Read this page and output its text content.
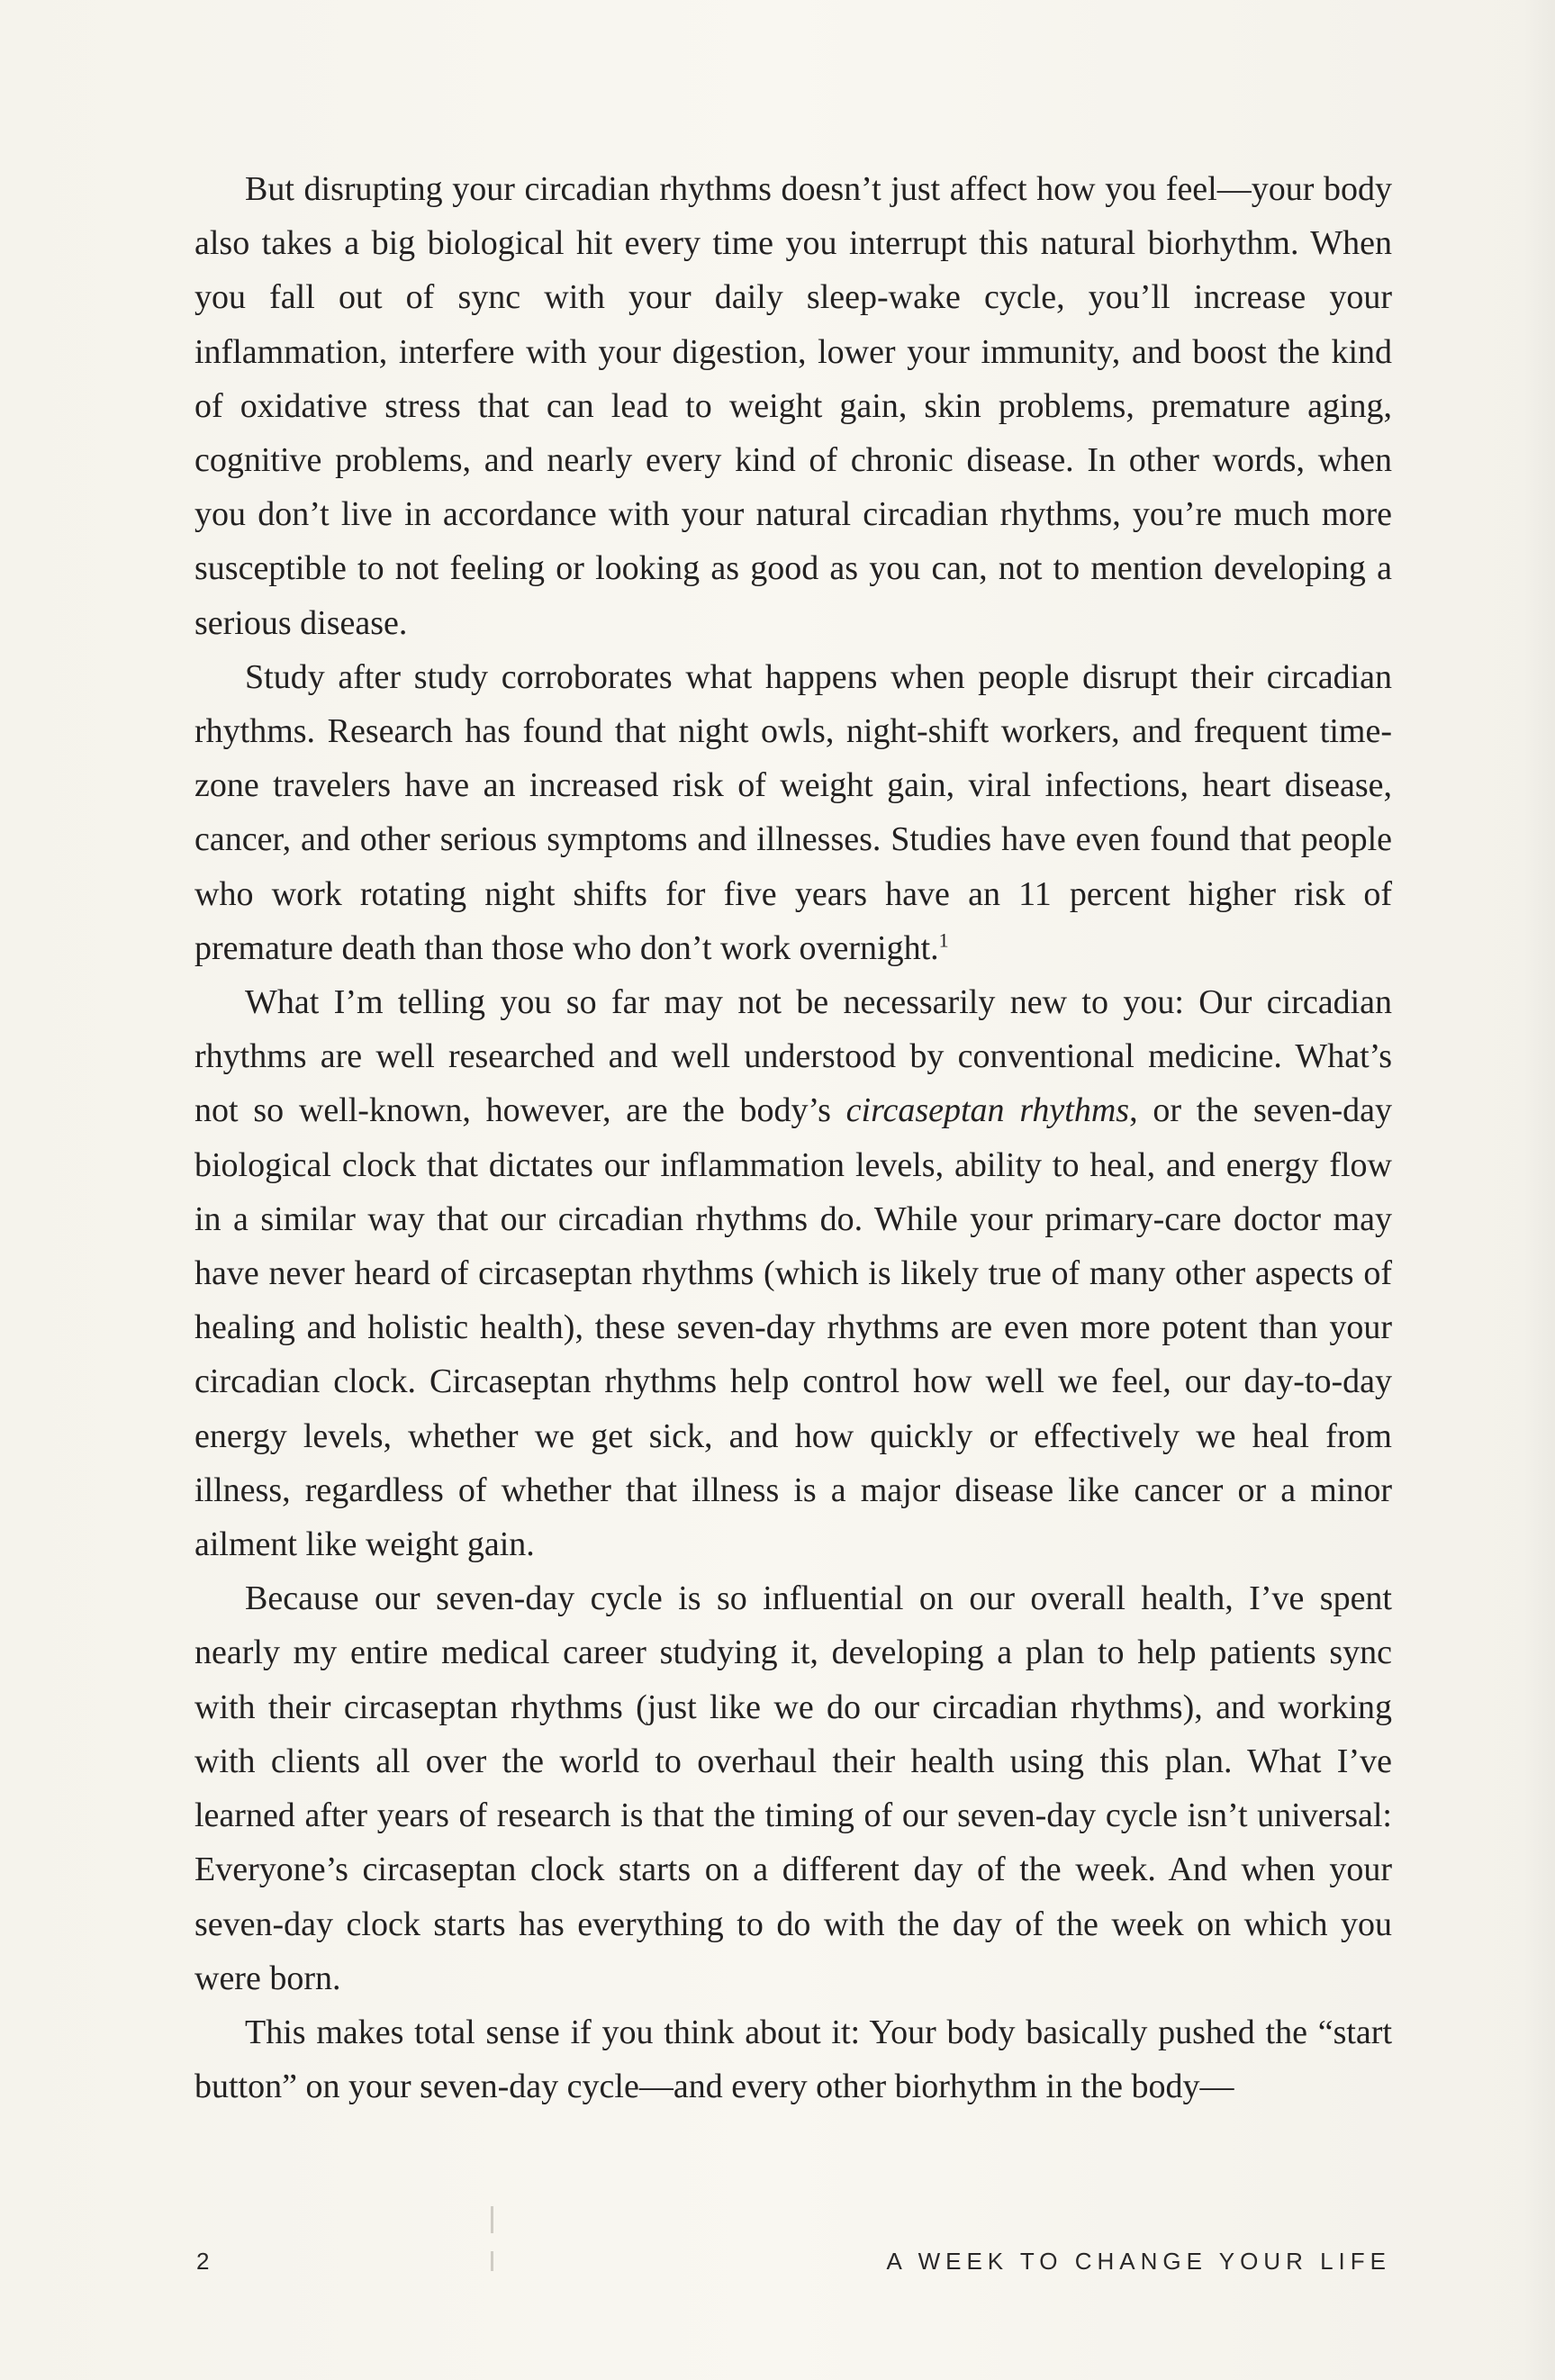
But disrupting your circadian rhythms doesn’t just affect how you feel—your body also takes a big biological hit every time you interrupt this natural biorhythm. When you fall out of sync with your daily sleep-wake cycle, you’ll increase your inflammation, interfere with your digestion, lower your immunity, and boost the kind of oxidative stress that can lead to weight gain, skin problems, premature aging, cognitive problems, and nearly every kind of chronic disease. In other words, when you don’t live in accordance with your natural circadian rhythms, you’re much more susceptible to not feeling or looking as good as you can, not to mention developing a serious disease.

Study after study corroborates what happens when people disrupt their circadian rhythms. Research has found that night owls, night-shift workers, and frequent time-zone travelers have an increased risk of weight gain, viral infections, heart disease, cancer, and other serious symptoms and illnesses. Studies have even found that people who work rotating night shifts for five years have an 11 percent higher risk of premature death than those who don’t work overnight.$^1$

What I’m telling you so far may not be necessarily new to you: Our circadian rhythms are well researched and well understood by conventional medicine. What’s not so well-known, however, are the body’s circaseptan rhythms, or the seven-day biological clock that dictates our inflammation levels, ability to heal, and energy flow in a similar way that our circadian rhythms do. While your primary-care doctor may have never heard of circaseptan rhythms (which is likely true of many other aspects of healing and holistic health), these seven-day rhythms are even more potent than your circadian clock. Circaseptan rhythms help control how well we feel, our day-to-day energy levels, whether we get sick, and how quickly or effectively we heal from illness, regardless of whether that illness is a major disease like cancer or a minor ailment like weight gain.

Because our seven-day cycle is so influential on our overall health, I’ve spent nearly my entire medical career studying it, developing a plan to help patients sync with their circaseptan rhythms (just like we do our circadian rhythms), and working with clients all over the world to overhaul their health using this plan. What I’ve learned after years of research is that the timing of our seven-day cycle isn’t universal: Everyone’s circaseptan clock starts on a different day of the week. And when your seven-day clock starts has everything to do with the day of the week on which you were born.

This makes total sense if you think about it: Your body basically pushed the “start button” on your seven-day cycle—and every other biorhythm in the body—

2	A WEEK TO CHANGE YOUR LIFE
